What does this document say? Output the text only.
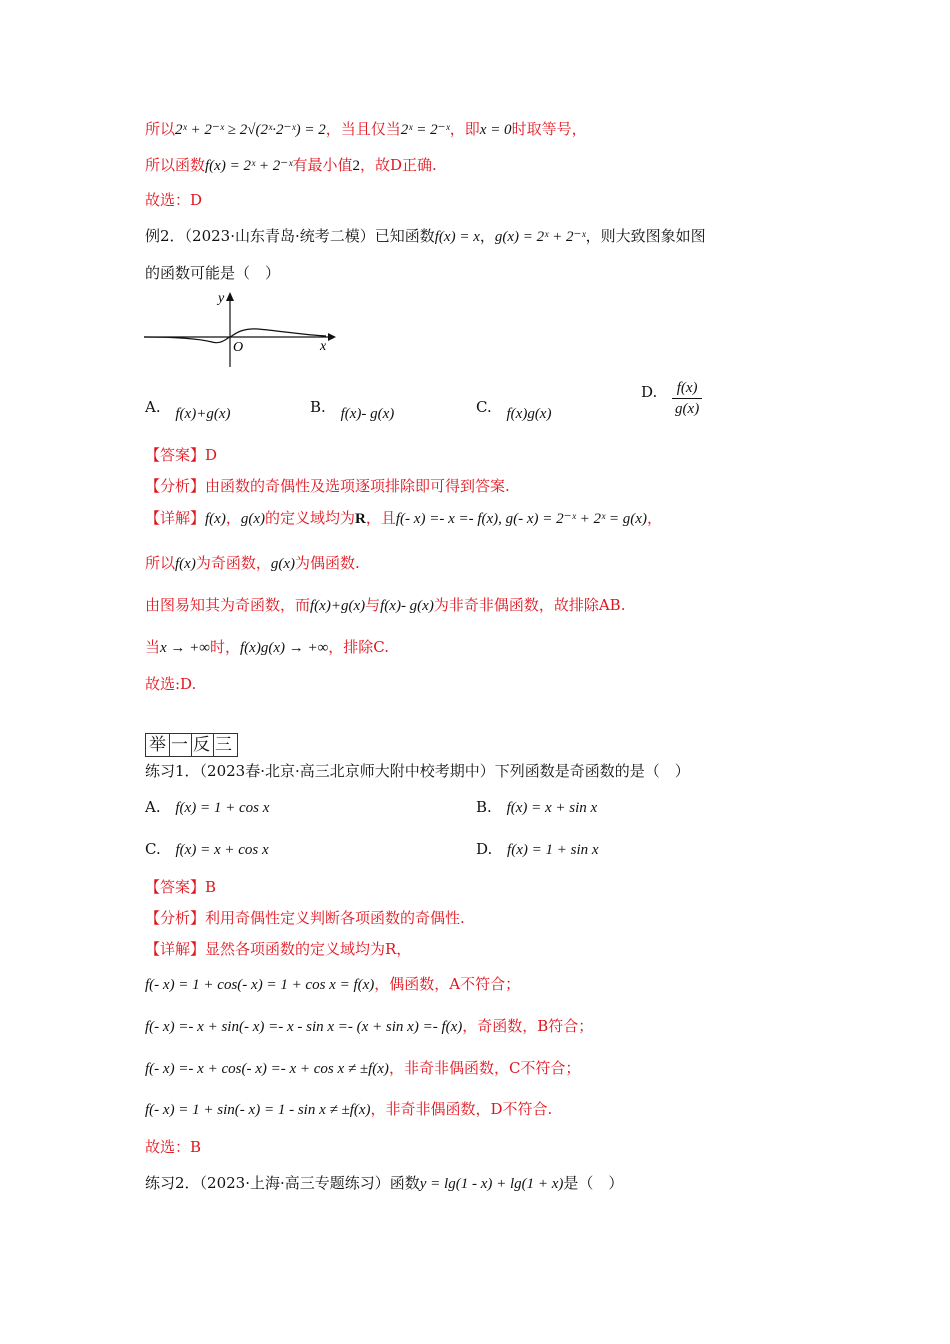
所以2ˣ + 2⁻ˣ ≥ 2√(2ˣ·2⁻ˣ) = 2，当且仅当2ˣ = 2⁻ˣ，即x = 0时取等号，
所以函数f(x) = 2ˣ + 2⁻ˣ有最小值2，故D正确.
故选：D
例2．（2023·山东青岛·统考二模）已知函数f(x) = x，g(x) = 2ˣ + 2⁻ˣ，则大致图象如图
的函数可能是（　）
y
O	x
A. f(x)+g(x)	B. f(x)- g(x)	C. f(x)g(x)
D. $\frac{f(x)}{g(x)}$
【答案】D
【分析】由函数的奇偶性及选项逐项排除即可得到答案.
【详解】f(x)，g(x)的定义域均为R，且f(- x) =- x =- f(x), g(- x) = 2⁻ˣ + 2ˣ = g(x)，
所以f(x)为奇函数，g(x)为偶函数.
由图易知其为奇函数，而f(x)+g(x)与f(x)- g(x)为非奇非偶函数，故排除AB.
当x → +∞时，f(x)g(x) → +∞，排除C.
故选:D.
举 一 反 三
练习1．（2023春·北京·高三北京师大附中校考期中）下列函数是奇函数的是（　）
A. f(x) = 1 + cos x	B. f(x) = x + sin x
C. f(x) = x + cos x	D. f(x) = 1 + sin x
【答案】B
【分析】利用奇偶性定义判断各项函数的奇偶性.
【详解】显然各项函数的定义域均为R，
f(- x) = 1 + cos(- x) = 1 + cos x = f(x)，偶函数，A不符合；
f(- x) =- x + sin(- x) =- x - sin x =- (x + sin x) =- f(x)，奇函数，B符合；
f(- x) =- x + cos(- x) =- x + cos x ≠ ±f(x)，非奇非偶函数，C不符合；
f(- x) = 1 + sin(- x) = 1 - sin x ≠ ±f(x)，非奇非偶函数，D不符合.
故选：B
练习2．（2023·上海·高三专题练习）函数y = lg(1 - x) + lg(1 + x)是（　）
